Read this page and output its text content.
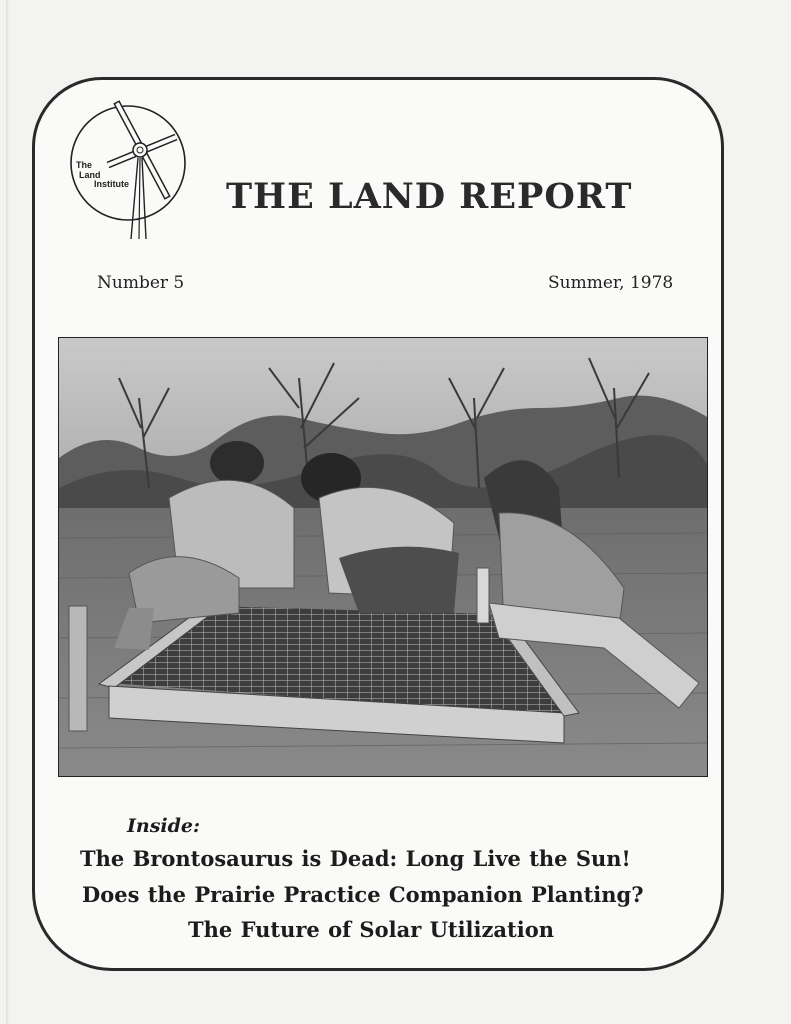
The
Land
Institute	THE LAND REPORT
Number 5	Summer, 1978
Inside:
The Brontosaurus is Dead: Long Live the Sun!
Does the Prairie Practice Companion Planting?
The Future of Solar Utilization
